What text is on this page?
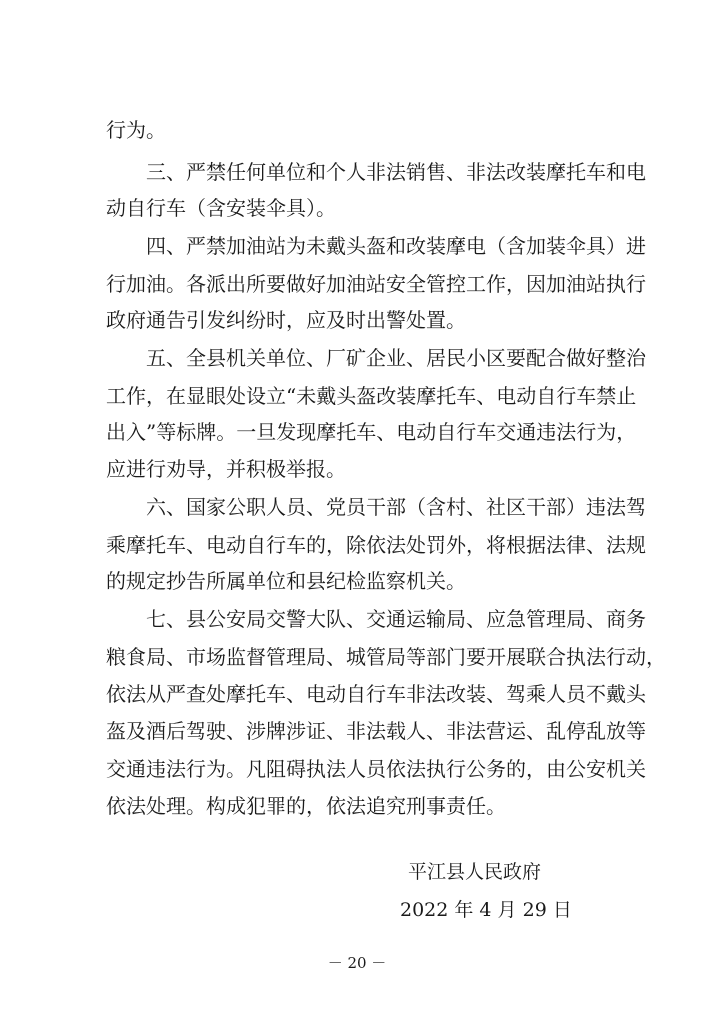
行为。
三、严禁任何单位和个人非法销售、非法改装摩托车和电
动自行车（含安装伞具）。
四、严禁加油站为未戴头盔和改装摩电（含加装伞具）进
行加油。各派出所要做好加油站安全管控工作，因加油站执行
政府通告引发纠纷时，应及时出警处置。
五、全县机关单位、厂矿企业、居民小区要配合做好整治
工作，在显眼处设立“未戴头盔改装摩托车、电动自行车禁止
出入”等标牌。一旦发现摩托车、电动自行车交通违法行为，
应进行劝导，并积极举报。
六、国家公职人员、党员干部（含村、社区干部）违法驾
乘摩托车、电动自行车的，除依法处罚外，将根据法律、法规
的规定抄告所属单位和县纪检监察机关。
七、县公安局交警大队、交通运输局、应急管理局、商务
粮食局、市场监督管理局、城管局等部门要开展联合执法行动，
依法从严查处摩托车、电动自行车非法改装、驾乘人员不戴头
盔及酒后驾驶、涉牌涉证、非法载人、非法营运、乱停乱放等
交通违法行为。凡阻碍执法人员依法执行公务的，由公安机关
依法处理。构成犯罪的，依法追究刑事责任。
平江县人民政府
2022 年 4 月 29 日
－ 20 －
